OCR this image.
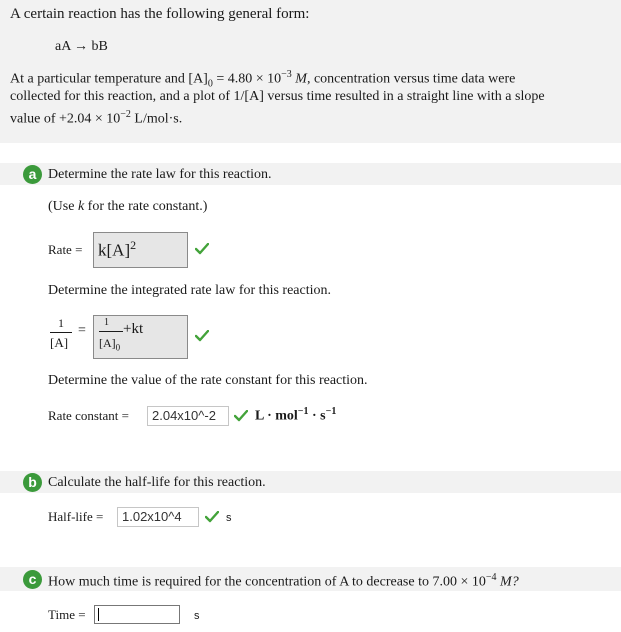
A certain reaction has the following general form:
aA → bB
At a particular temperature and $[A]_0 = 4.80 \times 10^{-3}$ M, concentration versus time data were
collected for this reaction, and a plot of 1/[A] versus time resulted in a straight line with a slope
value of $+2.04 \times 10^{-2}$ L/mol·s.
a Determine the rate law for this reaction.
(Use k for the rate constant.)
Rate = $k[A]^2$
Determine the integrated rate law for this reaction.
1
[A]
=
1
$[A]_0$
+kt
Determine the value of the rate constant for this reaction.
Rate constant =	2.04x10^-2	$L \cdot mol^{-1} \cdot s^{-1}$
b Calculate the half-life for this reaction.
Half-life =	1.02x10^4	s
c How much time is required for the concentration of A to decrease to $7.00 \times 10^{-4}$ M?
Time =	s
